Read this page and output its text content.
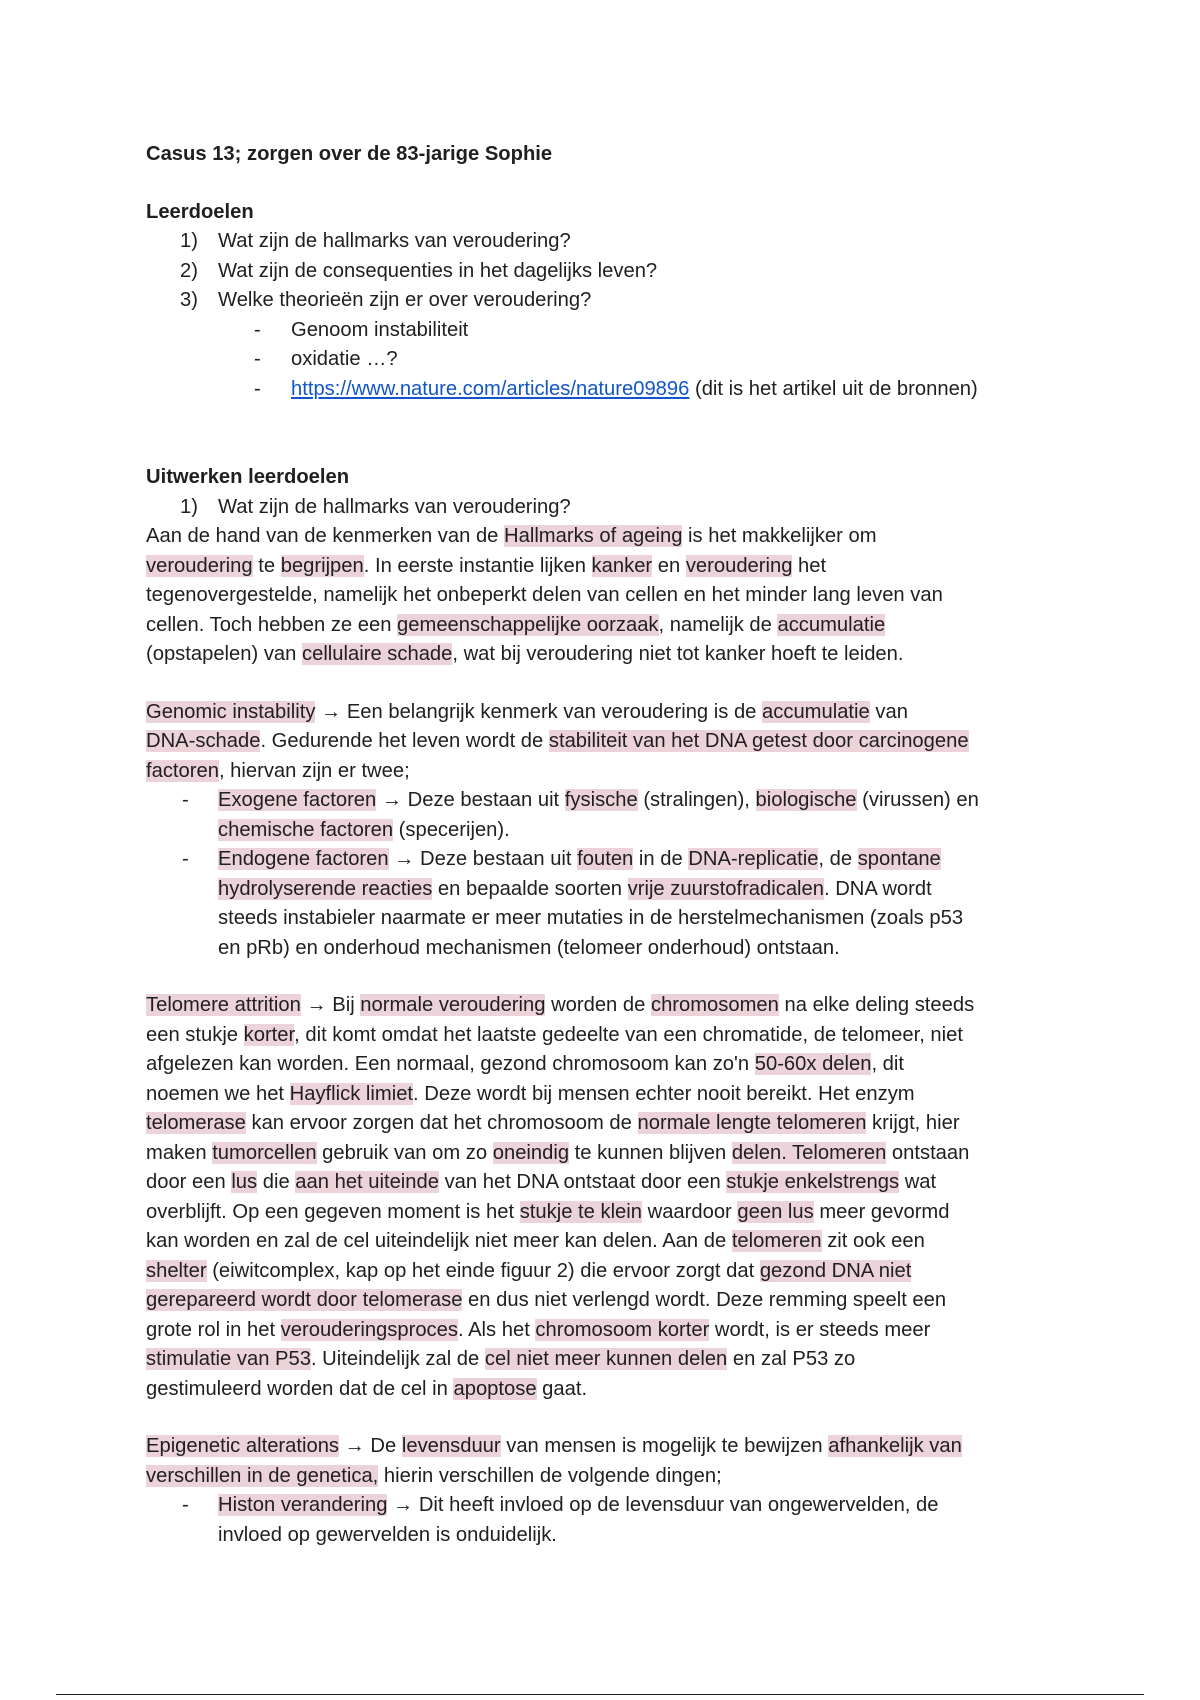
Casus 13; zorgen over de 83-jarige Sophie

Leerdoelen

1) Wat zijn de hallmarks van veroudering?
2) Wat zijn de consequenties in het dagelijks leven?
3) Welke theorieën zijn er over veroudering?
- Genoom instabiliteit
- oxidatie …?
- https://www.nature.com/articles/nature09896 (dit is het artikel uit de bronnen)

Uitwerken leerdoelen

1) Wat zijn de hallmarks van veroudering?

Aan de hand van de kenmerken van de Hallmarks of ageing is het makkelijker om

veroudering te begrijpen. In eerste instantie lijken kanker en veroudering het

tegenovergestelde, namelijk het onbeperkt delen van cellen en het minder lang leven van

cellen. Toch hebben ze een gemeenschappelijke oorzaak, namelijk de accumulatie

(opstapelen) van cellulaire schade, wat bij veroudering niet tot kanker hoeft te leiden.

Genomic instability → Een belangrijk kenmerk van veroudering is de accumulatie van

DNA-schade. Gedurende het leven wordt de stabiliteit van het DNA getest door carcinogene

factoren, hiervan zijn er twee;

- Exogene factoren → Deze bestaan uit fysische (stralingen), biologische (virussen) en
chemische factoren (specerijen).
- Endogene factoren → Deze bestaan uit fouten in de DNA-replicatie, de spontane
hydrolyserende reacties en bepaalde soorten vrije zuurstofradicalen. DNA wordt
steeds instabieler naarmate er meer mutaties in de herstelmechanismen (zoals p53
en pRb) en onderhoud mechanismen (telomeer onderhoud) ontstaan.

Telomere attrition → Bij normale veroudering worden de chromosomen na elke deling steeds

een stukje korter, dit komt omdat het laatste gedeelte van een chromatide, de telomeer, niet

afgelezen kan worden. Een normaal, gezond chromosoom kan zo'n 50-60x delen, dit

noemen we het Hayflick limiet. Deze wordt bij mensen echter nooit bereikt. Het enzym

telomerase kan ervoor zorgen dat het chromosoom de normale lengte telomeren krijgt, hier

maken tumorcellen gebruik van om zo oneindig te kunnen blijven delen. Telomeren ontstaan

door een lus die aan het uiteinde van het DNA ontstaat door een stukje enkelstrengs wat

overblijft. Op een gegeven moment is het stukje te klein waardoor geen lus meer gevormd

kan worden en zal de cel uiteindelijk niet meer kan delen. Aan de telomeren zit ook een

shelter (eiwitcomplex, kap op het einde figuur 2) die ervoor zorgt dat gezond DNA niet

gerepareerd wordt door telomerase en dus niet verlengd wordt. Deze remming speelt een

grote rol in het verouderingsproces. Als het chromosoom korter wordt, is er steeds meer

stimulatie van P53. Uiteindelijk zal de cel niet meer kunnen delen en zal P53 zo

gestimuleerd worden dat de cel in apoptose gaat.

Epigenetic alterations → De levensduur van mensen is mogelijk te bewijzen afhankelijk van

verschillen in de genetica, hierin verschillen de volgende dingen;

- Histon verandering → Dit heeft invloed op de levensduur van ongewervelden, de
invloed op gewervelden is onduidelijk.
